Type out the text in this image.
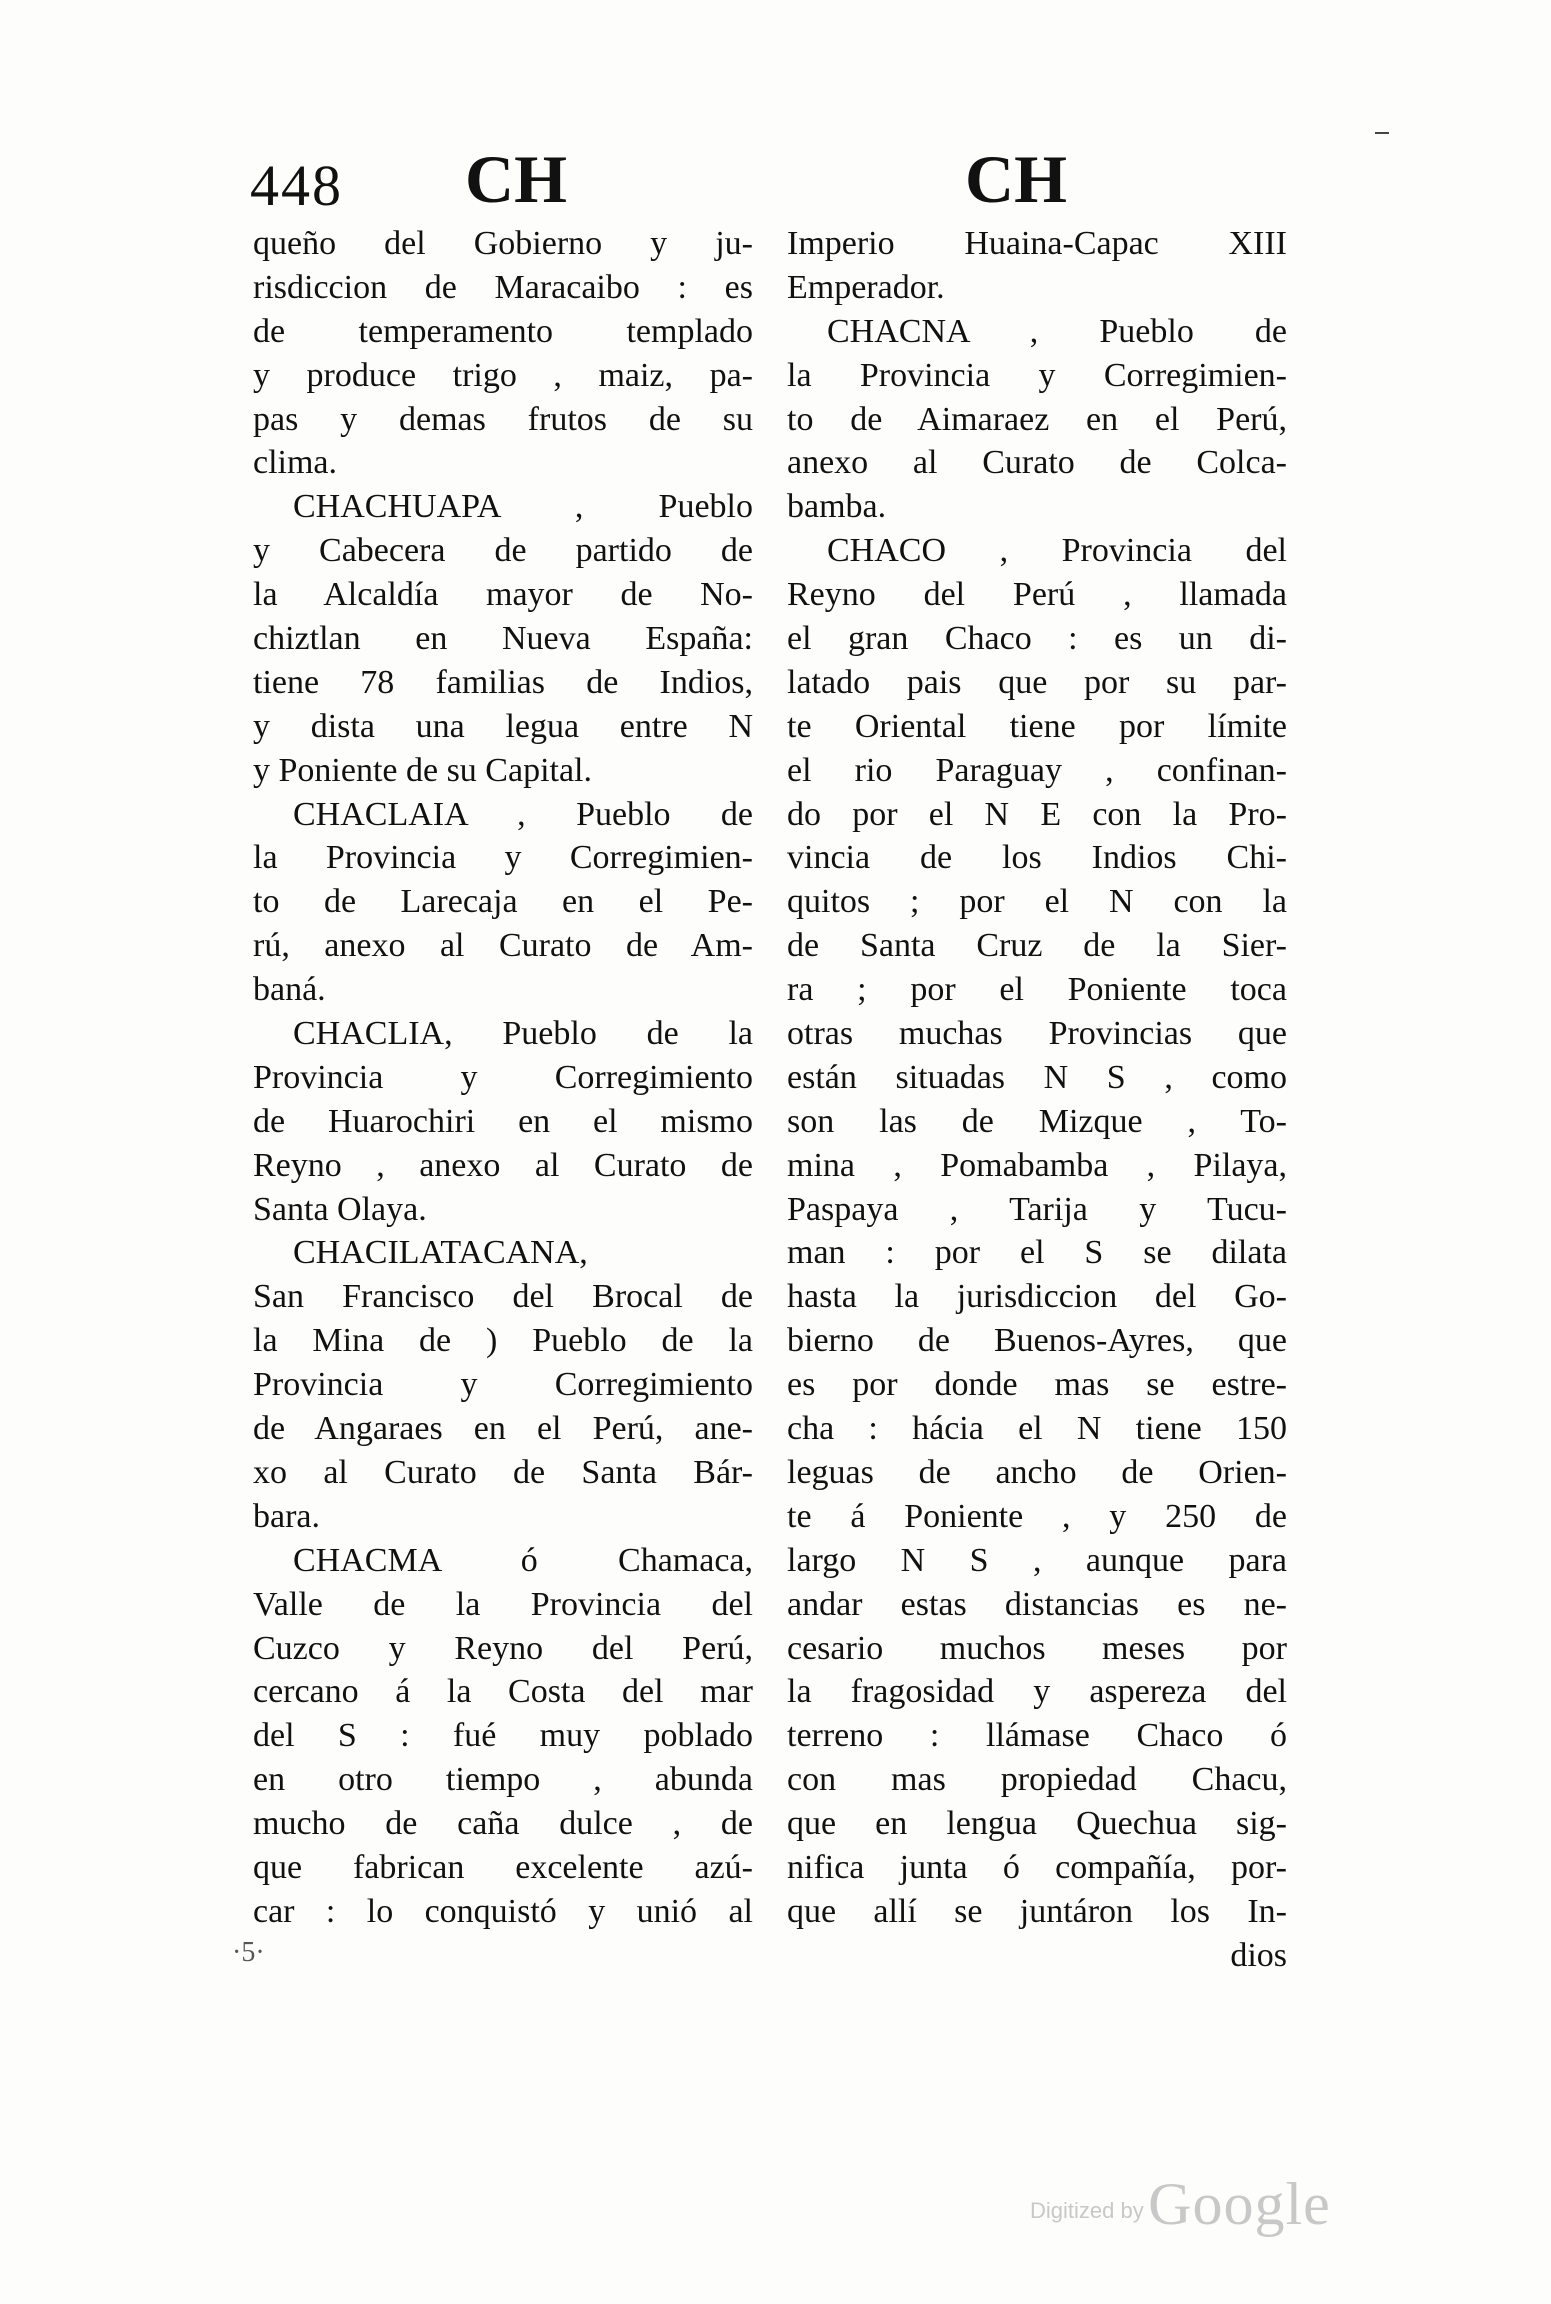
448 CH	CH
queño del Gobierno y ju-
risdiccion de Maracaibo : es
de temperamento templado
y produce trigo , maiz, pa-
pas y demas frutos de su
clima.
CHACHUAPA , Pueblo
y Cabecera de partido de
la Alcaldía mayor de No-
chiztlan en Nueva España:
tiene 78 familias de Indios,
y dista una legua entre N
y Poniente de su Capital.
CHACLAIA , Pueblo de
la Provincia y Corregimien-
to de Larecaja en el Pe-
rú, anexo al Curato de Am-
baná.
CHACLIA, Pueblo de la
Provincia y Corregimiento
de Huarochiri en el mismo
Reyno , anexo al Curato de
Santa Olaya.
CHACILATACANA,
San Francisco del Brocal de
la Mina de ) Pueblo de la
Provincia y Corregimiento
de Angaraes en el Perú, ane-
xo al Curato de Santa Bár-
bara.
CHACMA ó Chamaca,
Valle de la Provincia del
Cuzco y Reyno del Perú,
cercano á la Costa del mar
del S : fué muy poblado
en otro tiempo , abunda
mucho de caña dulce , de
que fabrican excelente azú-
car : lo conquistó y unió al
Imperio Huaina-Capac XIII
Emperador.
CHACNA , Pueblo de
la Provincia y Corregimien-
to de Aimaraez en el Perú,
anexo al Curato de Colca-
bamba.
CHACO , Provincia del
Reyno del Perú , llamada
el gran Chaco : es un di-
latado pais que por su par-
te Oriental tiene por límite
el rio Paraguay , confinan-
do por el N E con la Pro-
vincia de los Indios Chi-
quitos ; por el N con la
de Santa Cruz de la Sier-
ra ; por el Poniente toca
otras muchas Provincias que
están situadas N S , como
son las de Mizque , To-
mina , Pomabamba , Pilaya,
Paspaya , Tarija y Tucu-
man : por el S se dilata
hasta la jurisdiccion del Go-
bierno de Buenos-Ayres, que
es por donde mas se estre-
cha : hácia el N tiene 150
leguas de ancho de Orien-
te á Poniente , y 250 de
largo N S , aunque para
andar estas distancias es ne-
cesario muchos meses por
la fragosidad y aspereza del
terreno : llámase Chaco ó
con mas propiedad Chacu,
que en lengua Quechua sig-
nifica junta ó compañía, por-
que allí se juntáron los In-
dios
·5·
Digitized by Google
